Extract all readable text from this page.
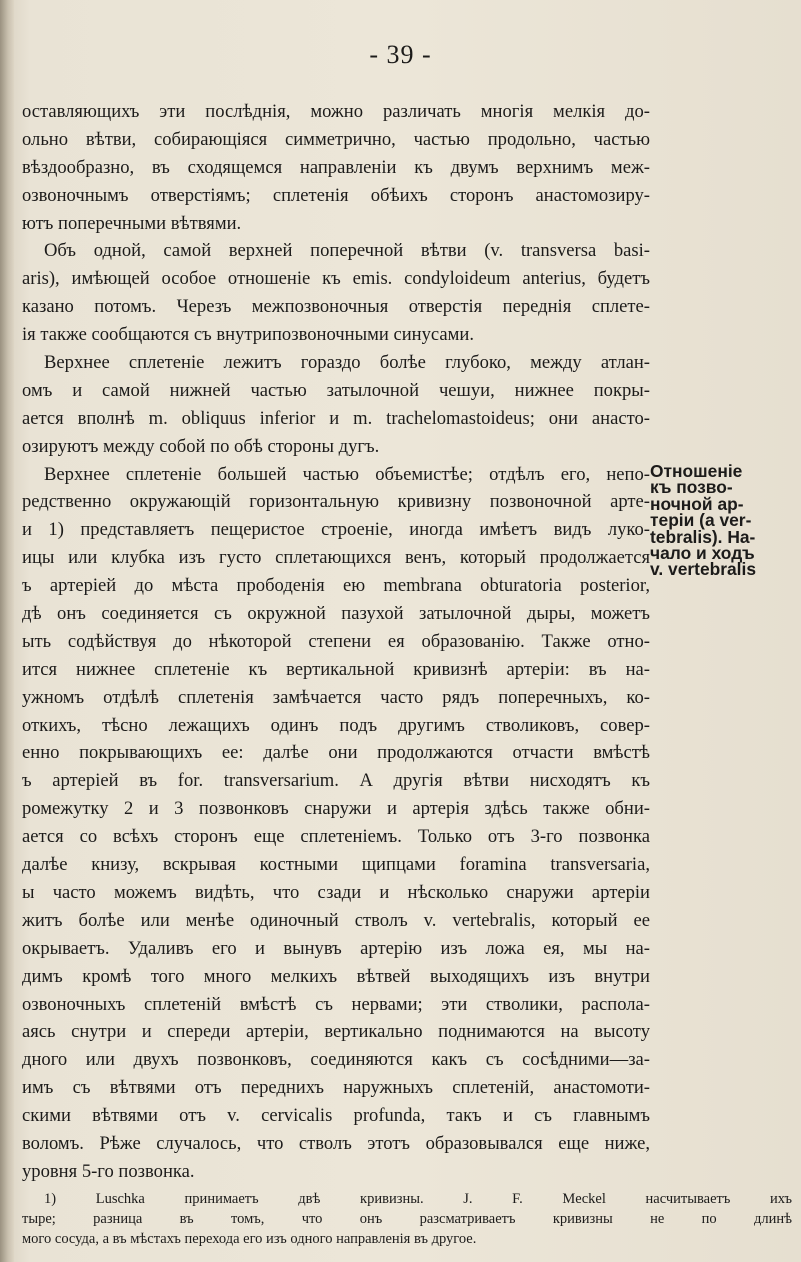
- 39 -
оставляющихъ эти послѣднія, можно различать многія мелкія до-
ольно вѣтви, собирающіяся симметрично, частью продольно, частью
вѣздообразно, въ сходящемся направленіи къ двумъ верхнимъ меж-
озвоночнымъ отверстіямъ; сплетенія обѣихъ сторонъ анастомозиру-
ютъ поперечными вѣтвями.
Объ одной, самой верхней поперечной вѣтви (v. transversa basi-
aris), имѣющей особое отношеніе къ emis. condyloideum anterius, будетъ
казано потомъ. Черезъ межпозвоночныя отверстія переднія сплете-
ія также сообщаются съ внутрипозвоночными синусами.
Верхнее сплетеніе лежитъ гораздо болѣе глубоко, между атлан-
омъ и самой нижней частью затылочной чешуи, нижнее покры-
ается вполнѣ m. obliquus inferior и m. trachelomastoideus; они анасто-
озируютъ между собой по обѣ стороны дугъ.
Верхнее сплетеніе большей частью объемистѣе; отдѣлъ его, непо-
редственно окружающій горизонтальную кривизну позвоночной арте-
и 1) представляетъ пещеристое строеніе, иногда имѣетъ видъ луко-
ицы или клубка изъ густо сплетающихся венъ, который продолжается
ъ артеріей до мѣста прободенія ею membrana obturatoria posterior,
дѣ онъ соединяется съ окружной пазухой затылочной дыры, можетъ
ыть содѣйствуя до нѣкоторой степени ея образованію. Также отно-
ится нижнее сплетеніе къ вертикальной кривизнѣ артеріи: въ на-
ужномъ отдѣлѣ сплетенія замѣчается часто рядъ поперечныхъ, ко-
откихъ, тѣсно лежащихъ одинъ подъ другимъ стволиковъ, совер-
енно покрывающихъ ее: далѣе они продолжаются отчасти вмѣстѣ
ъ артеріей въ for. transversarium. А другія вѣтви нисходятъ къ
ромежутку 2 и 3 позвонковъ снаружи и артерія здѣсь также обни-
ается со всѣхъ сторонъ еще сплетеніемъ. Только отъ 3-го позвонка
далѣе книзу, вскрывая костными щипцами foramina transversaria,
ы часто можемъ видѣть, что сзади и нѣсколько снаружи артеріи
житъ болѣе или менѣе одиночный стволъ v. vertebralis, который ее
окрываетъ. Удаливъ его и вынувъ артерію изъ ложа ея, мы на-
димъ кромѣ того много мелкихъ вѣтвей выходящихъ изъ внутри
озвоночныхъ сплетеній вмѣстѣ съ нервами; эти стволики, распола-
аясь снутри и спереди артеріи, вертикально поднимаются на высоту
дного или двухъ позвонковъ, соединяются какъ съ сосѣдними—за-
имъ съ вѣтвями отъ переднихъ наружныхъ сплетеній, анастомоти-
скими вѣтвями отъ v. cervicalis profunda, такъ и съ главнымъ
воломъ. Рѣже случалось, что стволъ этотъ образовывался еще ниже,
уровня 5-го позвонка.
Отношеніе
къ позво-
ночной ар-
теріи (a ver-
tebralis). На-
чало и ходъ
v. vertebralis
1) Luschka принимаетъ двѣ кривизны. J. F. Meckel насчитываетъ ихъ
тыре; разница въ томъ, что онъ разсматриваетъ кривизны не по длинѣ
мого сосуда, а въ мѣстахъ перехода его изъ одного направленія въ другое.
